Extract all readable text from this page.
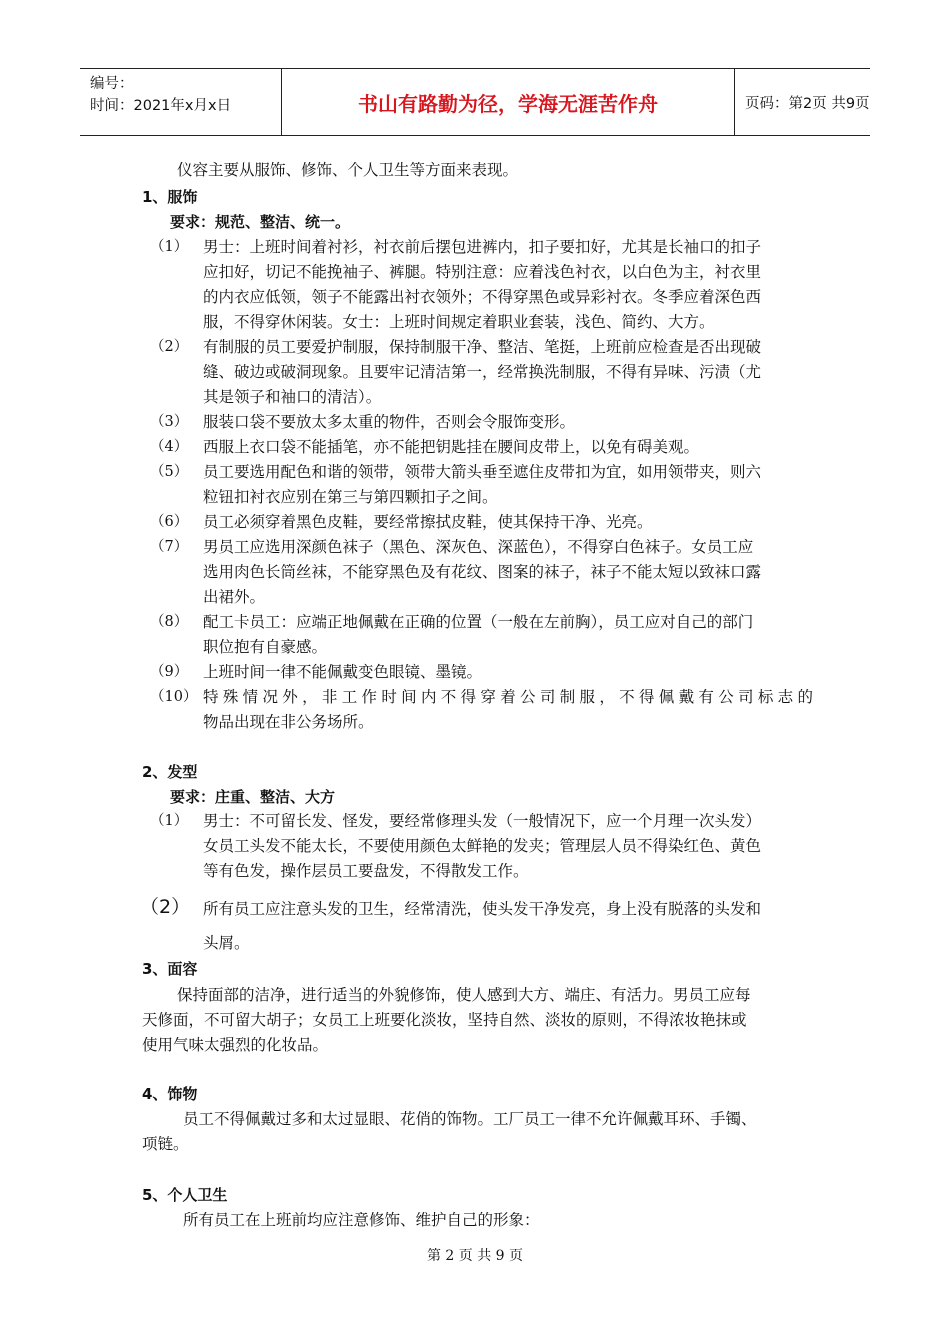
编号：
时间：2021年x月x日	书山有路勤为径，学海无涯苦作舟	页码：第2页 共9页
仪容主要从服饰、修饰、个人卫生等方面来表现。
1、服饰
要求：规范、整洁、统一。
（1） 男士：上班时间着衬衫，衬衣前后摆包进裤内，扣子要扣好，尤其是长袖口的扣子
应扣好，切记不能挽袖子、裤腿。特别注意：应着浅色衬衣，以白色为主，衬衣里
的内衣应低领，领子不能露出衬衣领外；不得穿黑色或异彩衬衣。冬季应着深色西
服，不得穿休闲装。女士：上班时间规定着职业套装，浅色、简约、大方。
（2） 有制服的员工要爱护制服，保持制服干净、整洁、笔挺，上班前应检查是否出现破
缝、破边或破洞现象。且要牢记清洁第一，经常换洗制服，不得有异味、污渍（尤
其是领子和袖口的清洁）。
（3） 服装口袋不要放太多太重的物件，否则会令服饰变形。
（4） 西服上衣口袋不能插笔，亦不能把钥匙挂在腰间皮带上，以免有碍美观。
（5） 员工要选用配色和谐的领带，领带大箭头垂至遮住皮带扣为宜，如用领带夹，则六
粒钮扣衬衣应别在第三与第四颗扣子之间。
（6） 员工必须穿着黑色皮鞋，要经常擦拭皮鞋，使其保持干净、光亮。
（7） 男员工应选用深颜色袜子（黑色、深灰色、深蓝色），不得穿白色袜子。女员工应
选用肉色长筒丝袜，不能穿黑色及有花纹、图案的袜子，袜子不能太短以致袜口露
出裙外。
（8） 配工卡员工：应端正地佩戴在正确的位置（一般在左前胸），员工应对自己的部门
职位抱有自豪感。
（9） 上班时间一律不能佩戴变色眼镜、墨镜。
（10） 特殊情况外，非工作时间内不得穿着公司制服，不得佩戴有公司标志的
物品出现在非公务场所。
2、发型
要求：庄重、整洁、大方
（1） 男士：不可留长发、怪发，要经常修理头发（一般情况下，应一个月理一次头发）
女员工头发不能太长，不要使用颜色太鲜艳的发夹；管理层人员不得染红色、黄色
等有色发，操作层员工要盘发，不得散发工作。
（2） 所有员工应注意头发的卫生，经常清洗，使头发干净发亮，身上没有脱落的头发和
头屑。
3、面容
保持面部的洁净，进行适当的外貌修饰，使人感到大方、端庄、有活力。男员工应每
天修面，不可留大胡子；女员工上班要化淡妆，坚持自然、淡妆的原则，不得浓妆艳抹或
使用气味太强烈的化妆品。
4、饰物
员工不得佩戴过多和太过显眼、花俏的饰物。工厂员工一律不允许佩戴耳环、手镯、
项链。
5、个人卫生
所有员工在上班前均应注意修饰、维护自己的形象：
第 2 页 共 9 页
